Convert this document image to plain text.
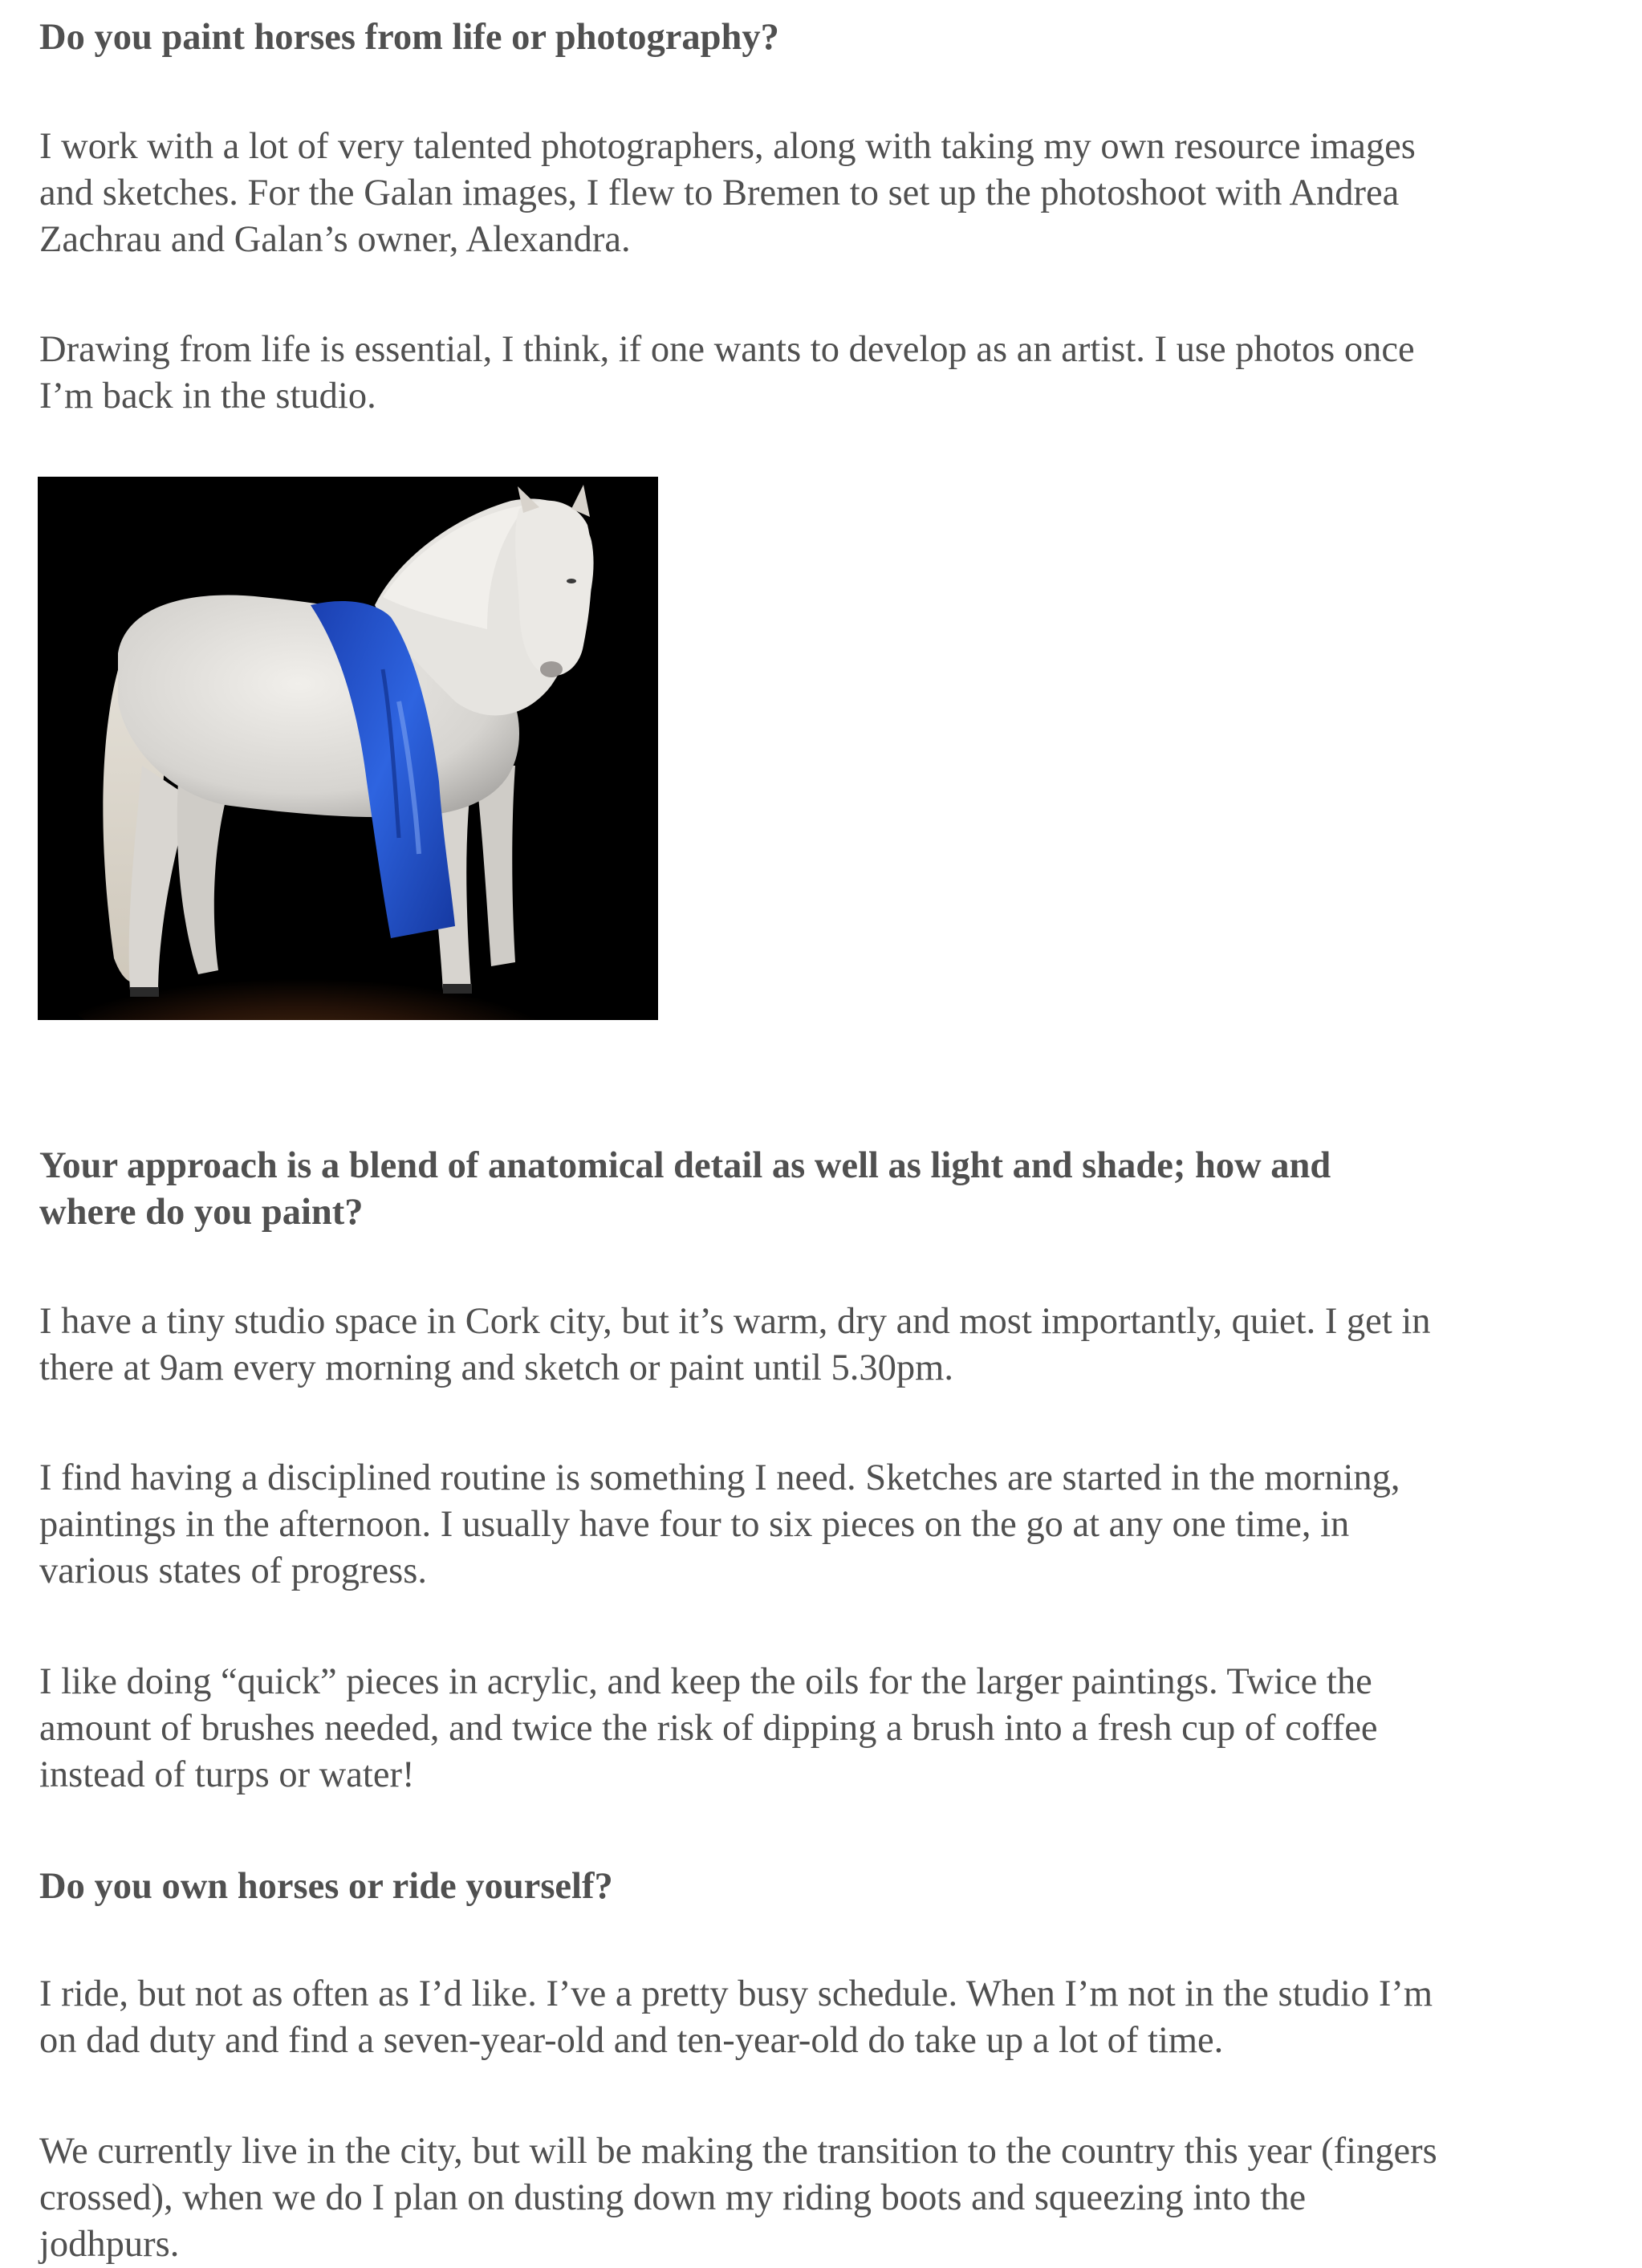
Do you paint horses from life or photography?
I work with a lot of very talented photographers, along with taking my own resource images
and sketches. For the Galan images, I flew to Bremen to set up the photoshoot with Andrea
Zachrau and Galan’s owner, Alexandra.
Drawing from life is essential, I think, if one wants to develop as an artist. I use photos once
I’m back in the studio.
Your approach is a blend of anatomical detail as well as light and shade; how and
where do you paint?
I have a tiny studio space in Cork city, but it’s warm, dry and most importantly, quiet. I get in
there at 9am every morning and sketch or paint until 5.30pm.
I find having a disciplined routine is something I need. Sketches are started in the morning,
paintings in the afternoon. I usually have four to six pieces on the go at any one time, in
various states of progress.
I like doing “quick” pieces in acrylic, and keep the oils for the larger paintings. Twice the
amount of brushes needed, and twice the risk of dipping a brush into a fresh cup of coffee
instead of turps or water!
Do you own horses or ride yourself?
I ride, but not as often as I’d like. I’ve a pretty busy schedule. When I’m not in the studio I’m
on dad duty and find a seven-year-old and ten-year-old do take up a lot of time.
We currently live in the city, but will be making the transition to the country this year (fingers
crossed), when we do I plan on dusting down my riding boots and squeezing into the
jodhpurs.
